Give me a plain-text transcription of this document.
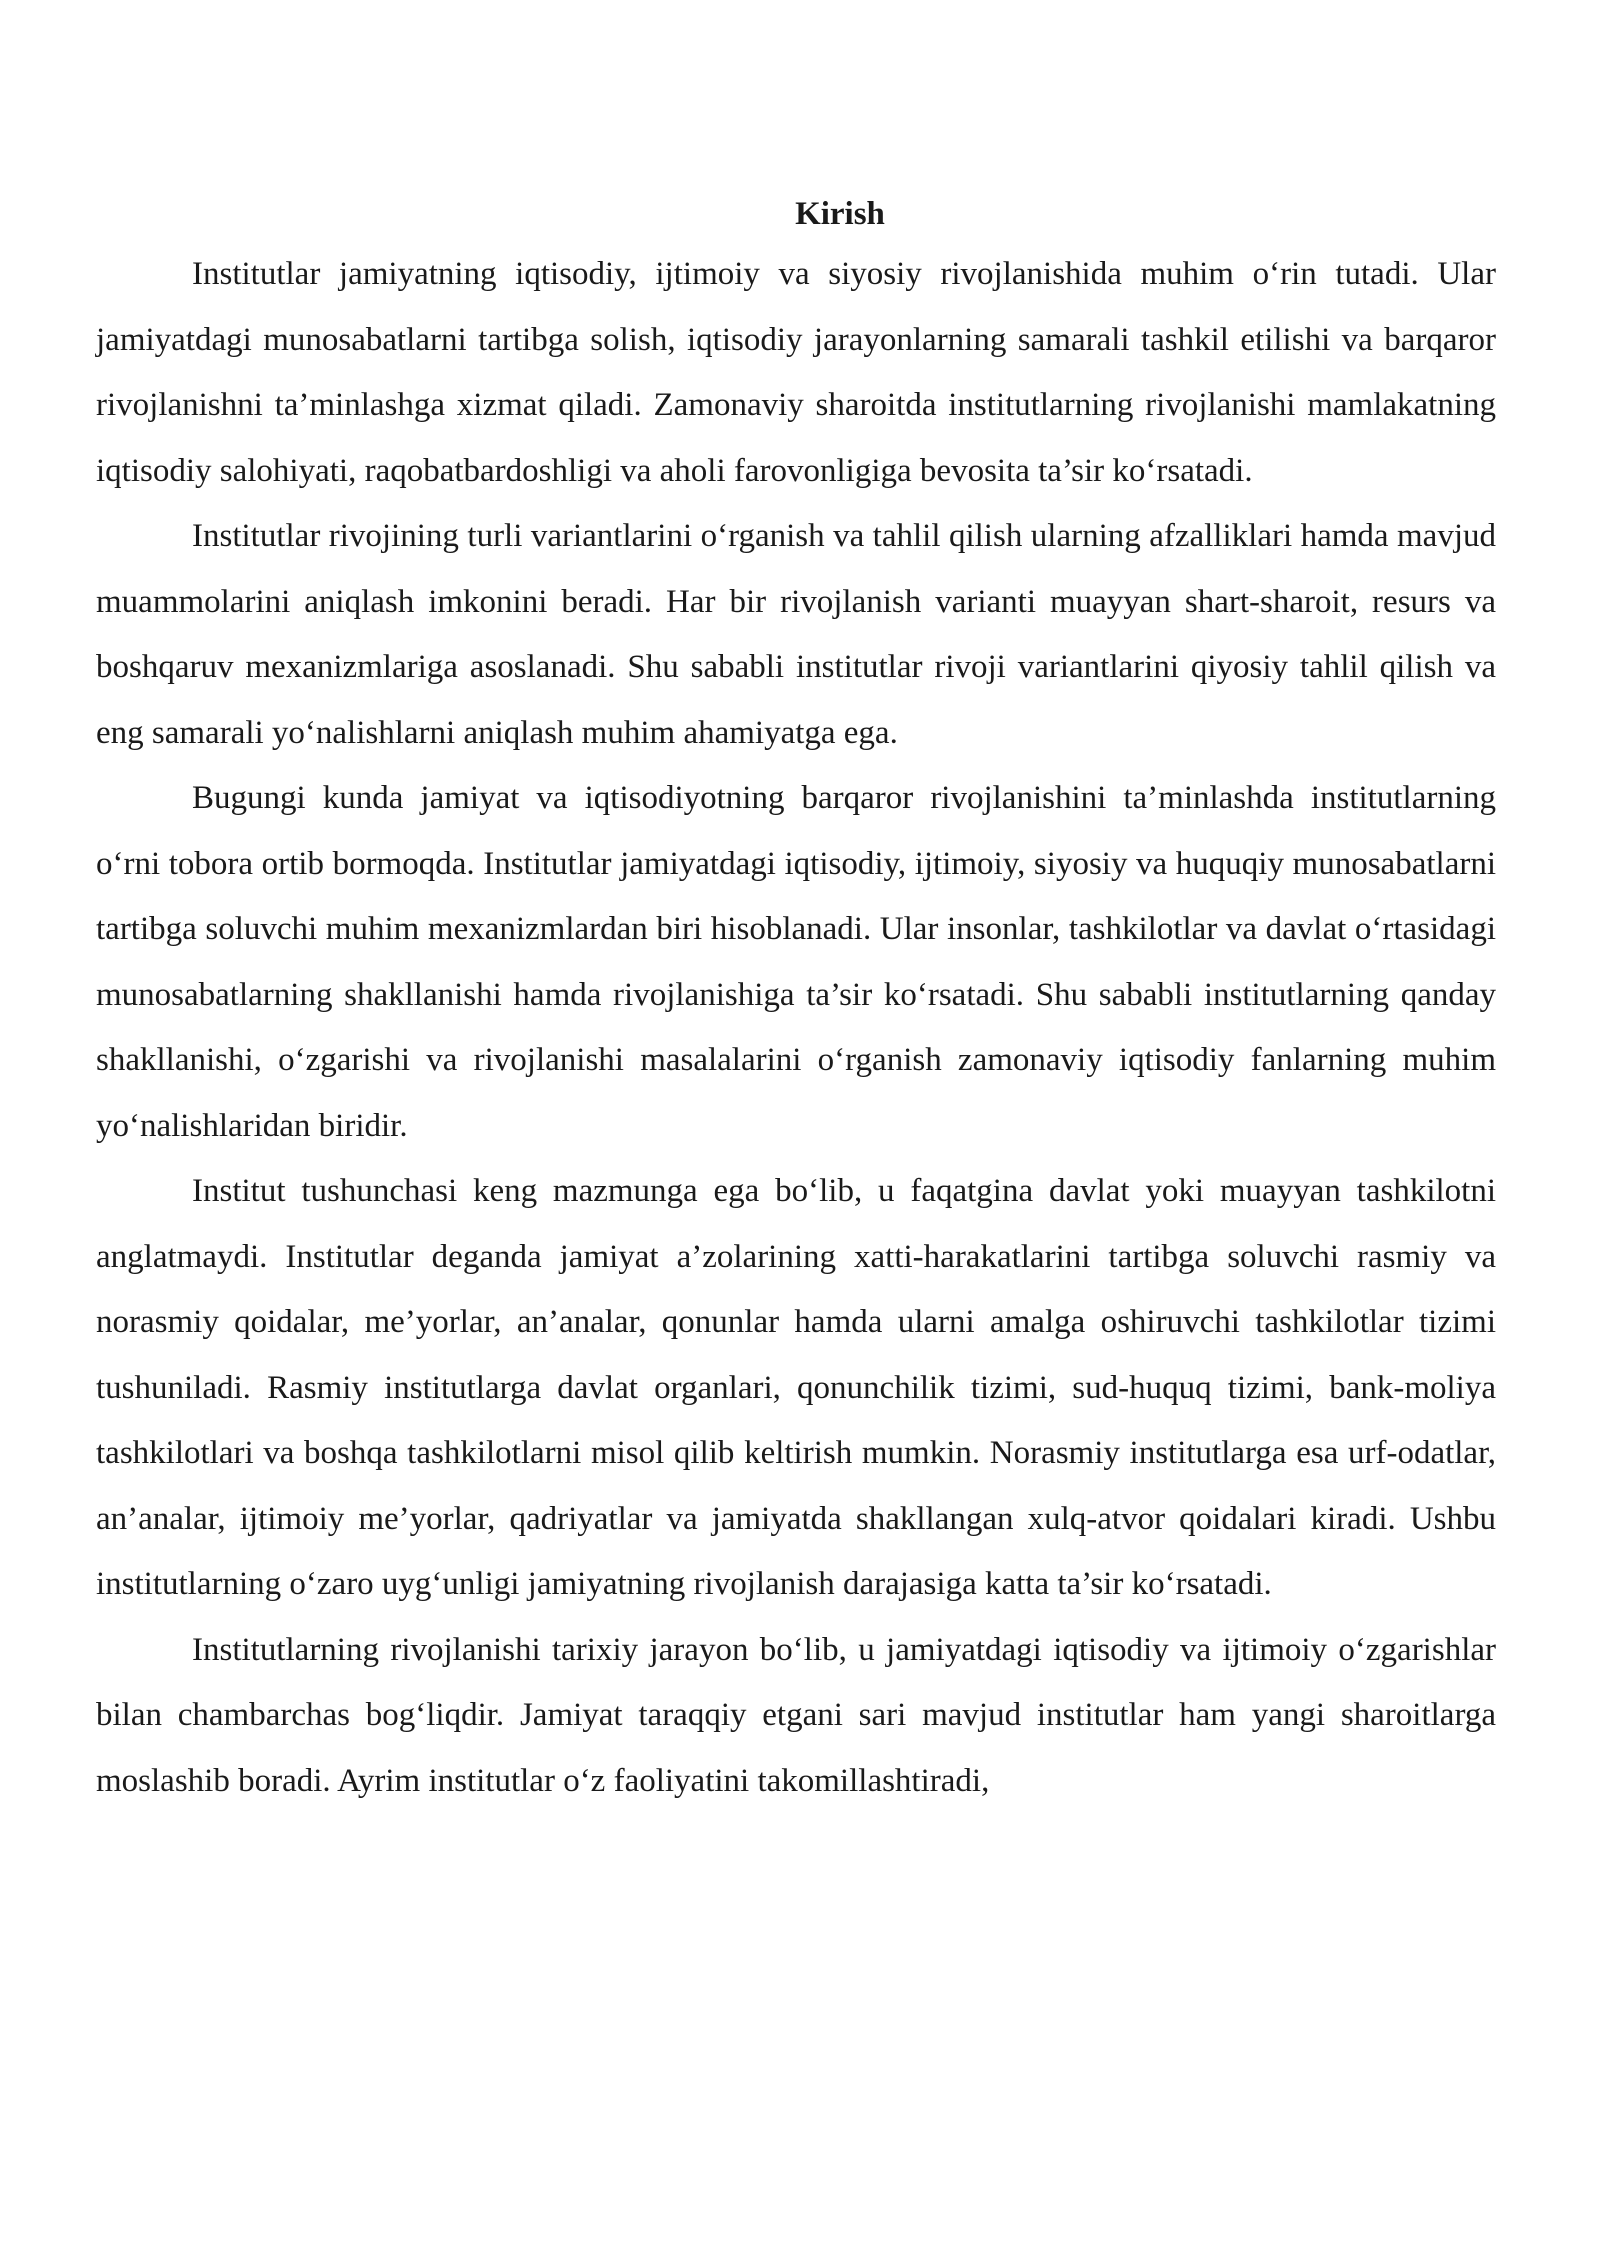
Kirish

Institutlar jamiyatning iqtisodiy, ijtimoiy va siyosiy rivojlanishida muhim o‘rin tutadi. Ular jamiyatdagi munosabatlarni tartibga solish, iqtisodiy jarayonlarning samarali tashkil etilishi va barqaror rivojlanishni ta’minlashga xizmat qiladi. Zamonaviy sharoitda institutlarning rivojlanishi mamlakatning iqtisodiy salohiyati, raqobatbardoshligi va aholi farovonligiga bevosita ta’sir ko‘rsatadi.

Institutlar rivojining turli variantlarini o‘rganish va tahlil qilish ularning afzalliklari hamda mavjud muammolarini aniqlash imkonini beradi. Har bir rivojlanish varianti muayyan shart-sharoit, resurs va boshqaruv mexanizmlariga asoslanadi. Shu sababli institutlar rivoji variantlarini qiyosiy tahlil qilish va eng samarali yo‘nalishlarni aniqlash muhim ahamiyatga ega.

Bugungi kunda jamiyat va iqtisodiyotning barqaror rivojlanishini ta’minlashda institutlarning o‘rni tobora ortib bormoqda. Institutlar jamiyatdagi iqtisodiy, ijtimoiy, siyosiy va huquqiy munosabatlarni tartibga soluvchi muhim mexanizmlardan biri hisoblanadi. Ular insonlar, tashkilotlar va davlat o‘rtasidagi munosabatlarning shakllanishi hamda rivojlanishiga ta’sir ko‘rsatadi. Shu sababli institutlarning qanday shakllanishi, o‘zgarishi va rivojlanishi masalalarini o‘rganish zamonaviy iqtisodiy fanlarning muhim yo‘nalishlaridan biridir.

Institut tushunchasi keng mazmunga ega bo‘lib, u faqatgina davlat yoki muayyan tashkilotni anglatmaydi. Institutlar deganda jamiyat a’zolarining xatti-harakatlarini tartibga soluvchi rasmiy va norasmiy qoidalar, me’yorlar, an’analar, qonunlar hamda ularni amalga oshiruvchi tashkilotlar tizimi tushuniladi. Rasmiy institutlarga davlat organlari, qonunchilik tizimi, sud-huquq tizimi, bank-moliya tashkilotlari va boshqa tashkilotlarni misol qilib keltirish mumkin. Norasmiy institutlarga esa urf-odatlar, an’analar, ijtimoiy me’yorlar, qadriyatlar va jamiyatda shakllangan xulq-atvor qoidalari kiradi. Ushbu institutlarning o‘zaro uyg‘unligi jamiyatning rivojlanish darajasiga katta ta’sir ko‘rsatadi.

Institutlarning rivojlanishi tarixiy jarayon bo‘lib, u jamiyatdagi iqtisodiy va ijtimoiy o‘zgarishlar bilan chambarchas bog‘liqdir. Jamiyat taraqqiy etgani sari mavjud institutlar ham yangi sharoitlarga moslashib boradi. Ayrim institutlar o‘z faoliyatini takomillashtiradi,
